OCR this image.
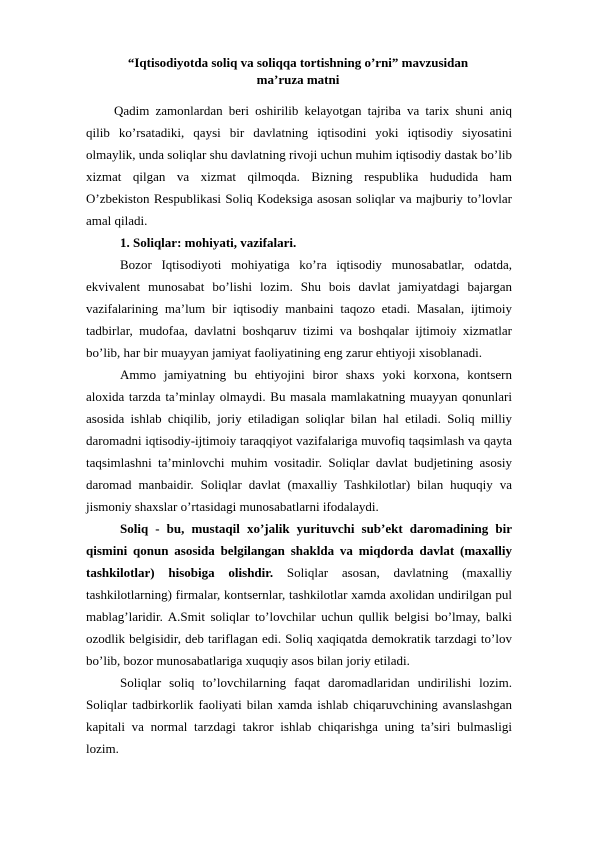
“Iqtisodiyotda soliq va soliqqa tortishning o’rni” mavzusidan
ma’ruza matni

Qadim zamonlardan beri oshirilib kelayotgan tajriba va tarix shuni aniq qilib ko’rsatadiki, qaysi bir davlatning iqtisodini yoki iqtisodiy siyosatini olmaylik, unda soliqlar shu davlatning rivoji uchun muhim iqtisodiy dastak bo’lib xizmat qilgan va xizmat qilmoqda. Bizning respublika hududida ham O’zbekiston Respublikasi Soliq Kodeksiga asosan soliqlar va majburiy to’lovlar amal qiladi.

1. Soliqlar: mohiyati, vazifalari.

Bozor Iqtisodiyoti mohiyatiga ko’ra iqtisodiy munosabatlar, odatda, ekvivalent munosabat bo’lishi lozim. Shu bois davlat jamiyatdagi bajargan vazifalarining ma’lum bir iqtisodiy manbaini taqozo etadi. Masalan, ijtimoiy tadbirlar, mudofaa, davlatni boshqaruv tizimi va boshqalar ijtimoiy xizmatlar bo’lib, har bir muayyan jamiyat faoliyatining eng zarur ehtiyoji xisoblanadi.

Ammo jamiyatning bu ehtiyojini biror shaxs yoki korxona, kontsern aloxida tarzda ta’minlay olmaydi. Bu masala mamlakatning muayyan qonunlari asosida ishlab chiqilib, joriy etiladigan soliqlar bilan hal etiladi. Soliq milliy daromadni iqtisodiy-ijtimoiy taraqqiyot vazifalariga muvofiq taqsimlash va qayta taqsimlashni ta’minlovchi muhim vositadir. Soliqlar davlat budjetining asosiy daromad manbaidir. Soliqlar davlat (maxalliy Tashkilotlar) bilan huquqiy va jismoniy shaxslar o’rtasidagi munosabatlarni ifodalaydi.

Soliq - bu, mustaqil xo’jalik yurituvchi sub’ekt daromadining bir qismini qonun asosida belgilangan shaklda va miqdorda davlat (maxalliy tashkilotlar) hisobiga olishdir. Soliqlar asosan, davlatning (maxalliy tashkilotlarning) firmalar, kontsernlar, tashkilotlar xamda axolidan undirilgan pul mablag’laridir. A.Smit soliqlar to’lovchilar uchun qullik belgisi bo’lmay, balki ozodlik belgisidir, deb tariflagan edi. Soliq xaqiqatda demokratik tarzdagi to’lov bo’lib, bozor munosabatlariga xuquqiy asos bilan joriy etiladi.

Soliqlar soliq to’lovchilarning faqat daromadlaridan undirilishi lozim. Soliqlar tadbirkorlik faoliyati bilan xamda ishlab chiqaruvchining avanslashgan kapitali va normal tarzdagi takror ishlab chiqarishga uning ta’siri bulmasligi lozim.
